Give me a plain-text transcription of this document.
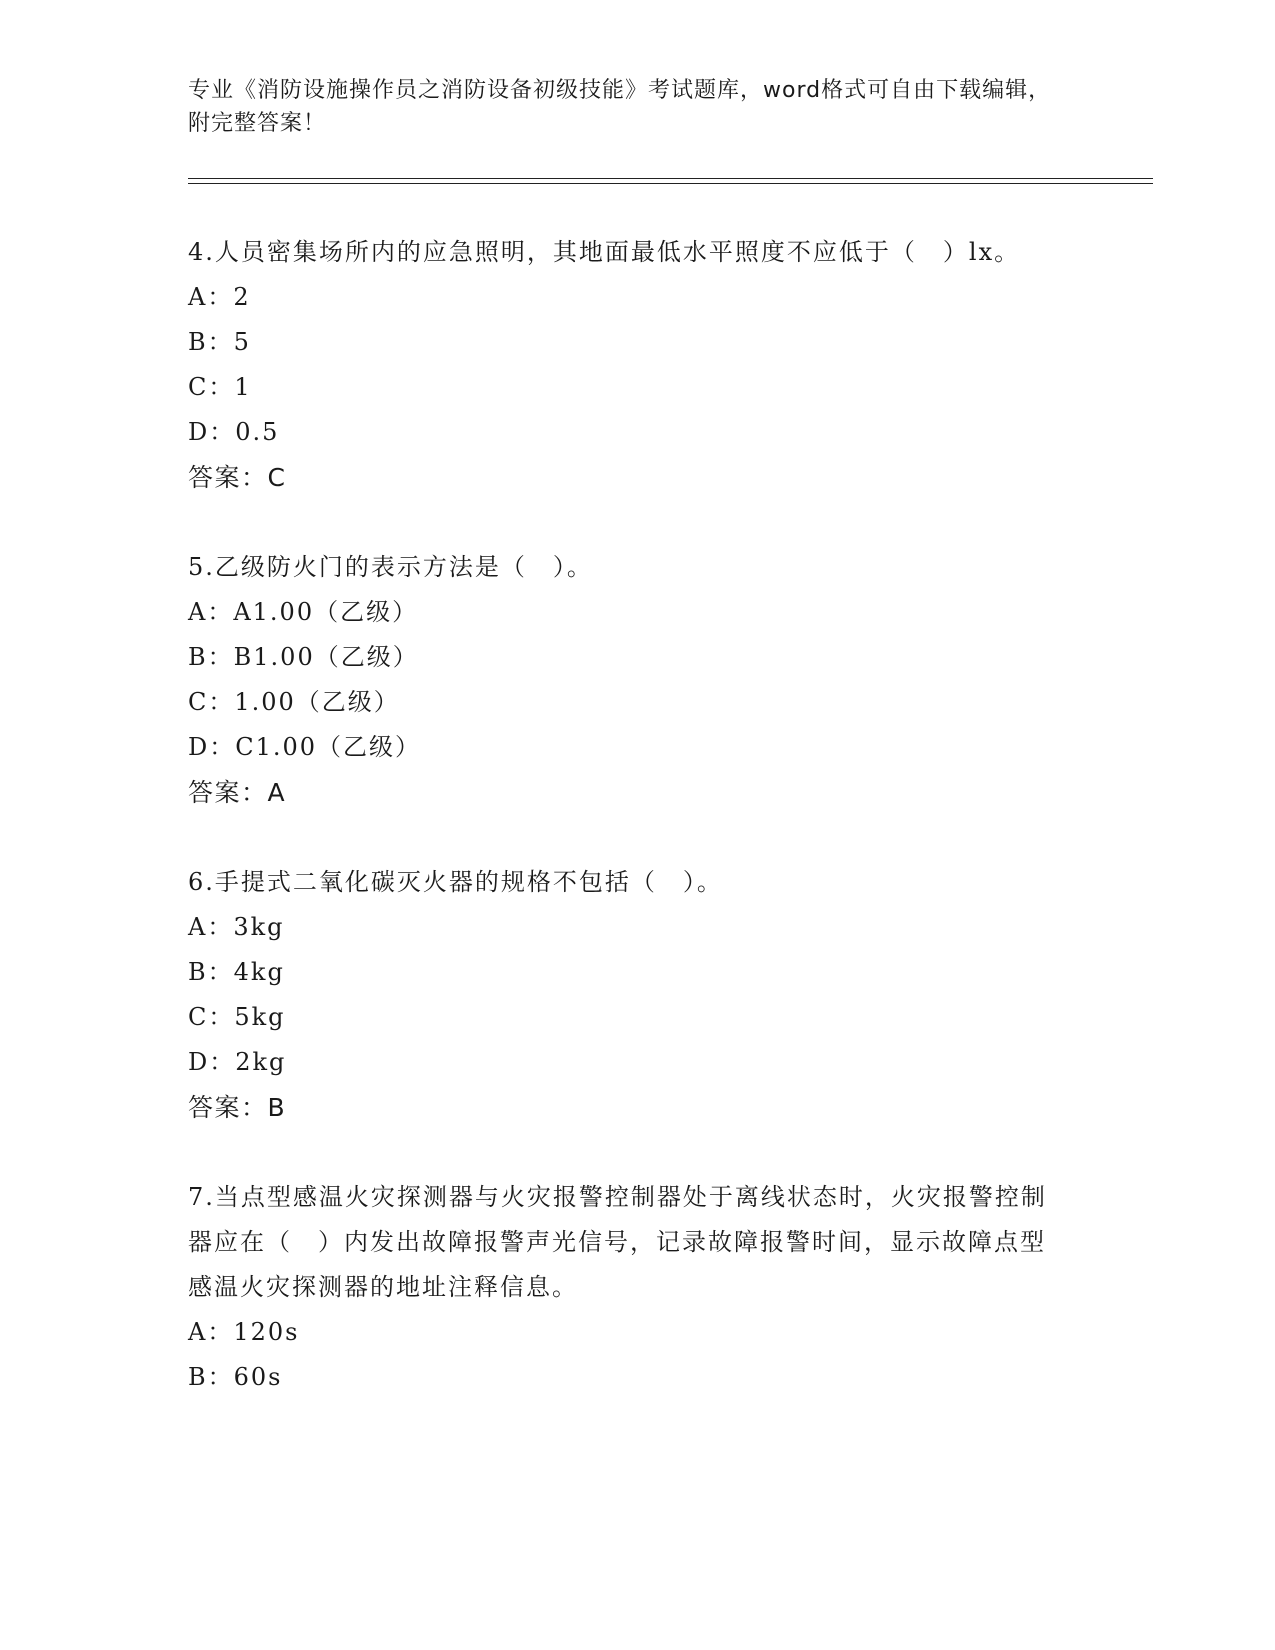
专业《消防设施操作员之消防设备初级技能》考试题库，word格式可自由下载编辑，附完整答案！

4.人员密集场所内的应急照明，其地面最低水平照度不应低于（　）lx。

A：2

B：5

C：1

D：0.5

答案：C

5.乙级防火门的表示方法是（　）。

A：A1.00（乙级）

B：B1.00（乙级）

C：1.00（乙级）

D：C1.00（乙级）

答案：A

6.手提式二氧化碳灭火器的规格不包括（　）。

A：3kg

B：4kg

C：5kg

D：2kg

答案：B

7.当点型感温火灾探测器与火灾报警控制器处于离线状态时，火灾报警控制器应在（　）内发出故障报警声光信号，记录故障报警时间，显示故障点型感温火灾探测器的地址注释信息。

A：120s

B：60s
